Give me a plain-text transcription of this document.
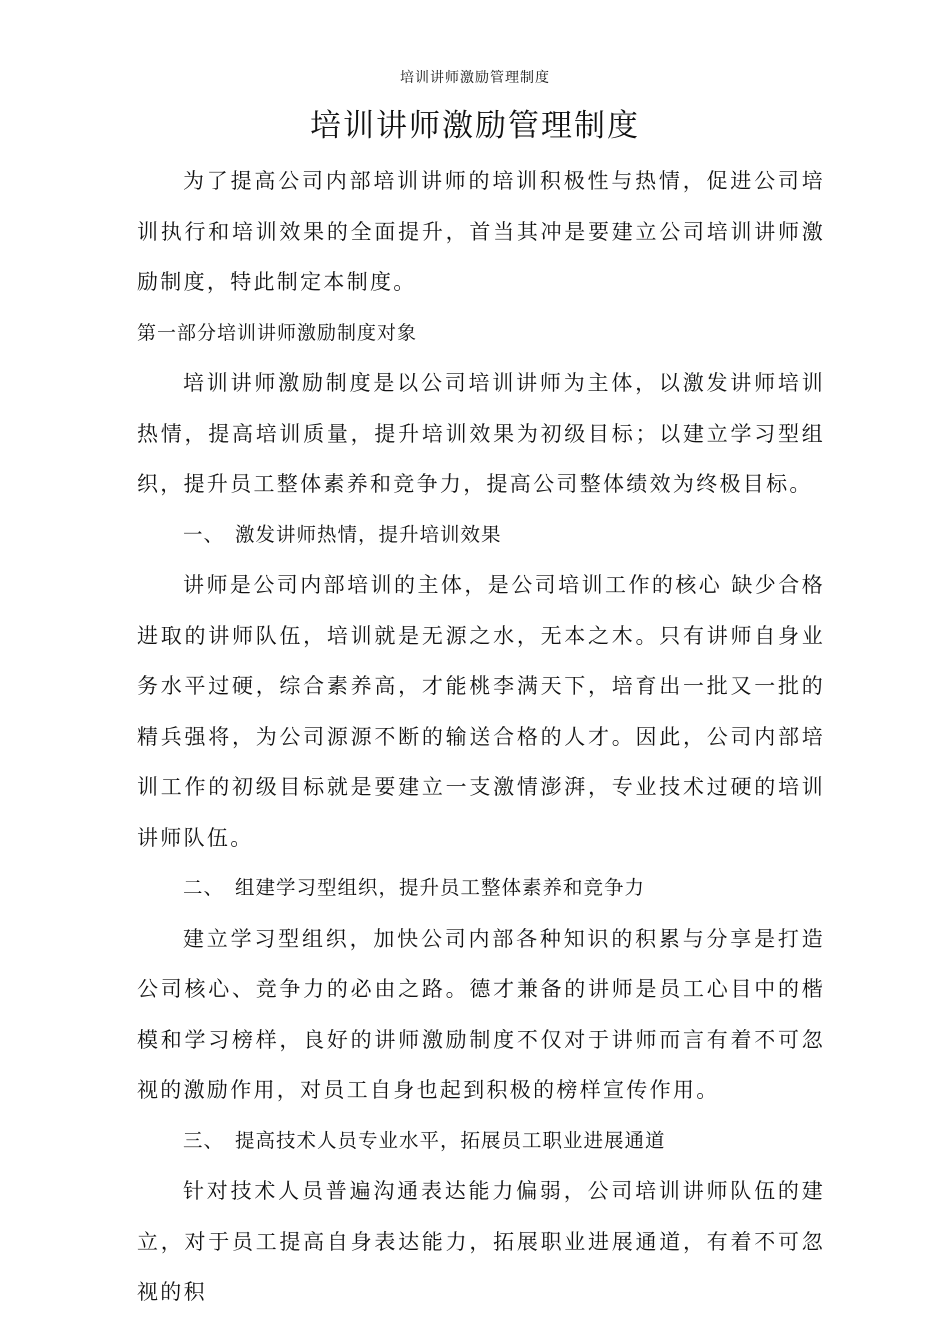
培训讲师激励管理制度
培训讲师激励管理制度

为了提高公司内部培训讲师的培训积极性与热情，促进公司培训执行和培训效果的全面提升，首当其冲是要建立公司培训讲师激励制度，特此制定本制度。

第一部分培训讲师激励制度对象

培训讲师激励制度是以公司培训讲师为主体，以激发讲师培训热情，提高培训质量，提升培训效果为初级目标；以建立学习型组织，提升员工整体素养和竞争力，提高公司整体绩效为终极目标。

一、 激发讲师热情，提升培训效果

讲师是公司内部培训的主体，是公司培训工作的核心 缺少合格进取的讲师队伍，培训就是无源之水，无本之木。只有讲师自身业务水平过硬，综合素养高，才能桃李满天下，培育出一批又一批的精兵强将，为公司源源不断的输送合格的人才。因此，公司内部培训工作的初级目标就是要建立一支激情澎湃，专业技术过硬的培训讲师队伍。

二、 组建学习型组织，提升员工整体素养和竞争力

建立学习型组织，加快公司内部各种知识的积累与分享是打造公司核心、竞争力的必由之路。德才兼备的讲师是员工心目中的楷模和学习榜样，良好的讲师激励制度不仅对于讲师而言有着不可忽视的激励作用，对员工自身也起到积极的榜样宣传作用。

三、 提高技术人员专业水平，拓展员工职业进展通道

针对技术人员普遍沟通表达能力偏弱，公司培训讲师队伍的建立，对于员工提高自身表达能力，拓展职业进展通道，有着不可忽视的积
